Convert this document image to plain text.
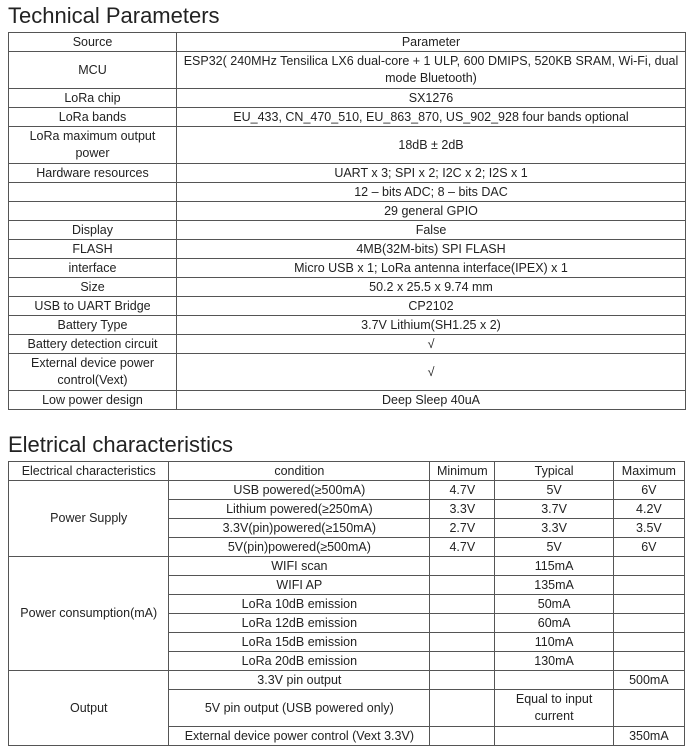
Technical Parameters
Source	Parameter
MCU	ESP32( 240MHz Tensilica LX6 dual-core + 1 ULP, 600 DMIPS, 520KB SRAM, Wi-Fi, dual mode Bluetooth)
LoRa chip	SX1276
LoRa bands	EU_433, CN_470_510, EU_863_870, US_902_928 four bands optional
LoRa maximum output power	18dB ± 2dB
Hardware resources	UART x 3; SPI x 2; I2C x 2; I2S x 1
	12 – bits ADC; 8 – bits DAC
	29 general GPIO
Display	False
FLASH	4MB(32M-bits) SPI FLASH
interface	Micro USB x 1; LoRa antenna interface(IPEX) x 1
Size	50.2 x 25.5 x 9.74 mm
USB to UART Bridge	CP2102
Battery Type	3.7V Lithium(SH1.25 x 2)
Battery detection circuit	√
External device power control(Vext)	√
Low power design	Deep Sleep 40uA
Eletrical characteristics
Electrical characteristics	condition	Minimum	Typical	Maximum
Power Supply	USB powered(≥500mA)	4.7V	5V	6V
	Lithium powered(≥250mA)	3.3V	3.7V	4.2V
	3.3V(pin)powered(≥150mA)	2.7V	3.3V	3.5V
	5V(pin)powered(≥500mA)	4.7V	5V	6V
Power consumption(mA)	WIFI scan		115mA	
	WIFI AP		135mA	
	LoRa 10dB emission		50mA	
	LoRa 12dB emission		60mA	
	LoRa 15dB emission		110mA	
	LoRa 20dB emission		130mA	
Output	3.3V pin output			500mA
	5V pin output (USB powered only)		Equal to input current	
	External device power control (Vext 3.3V)			350mA
